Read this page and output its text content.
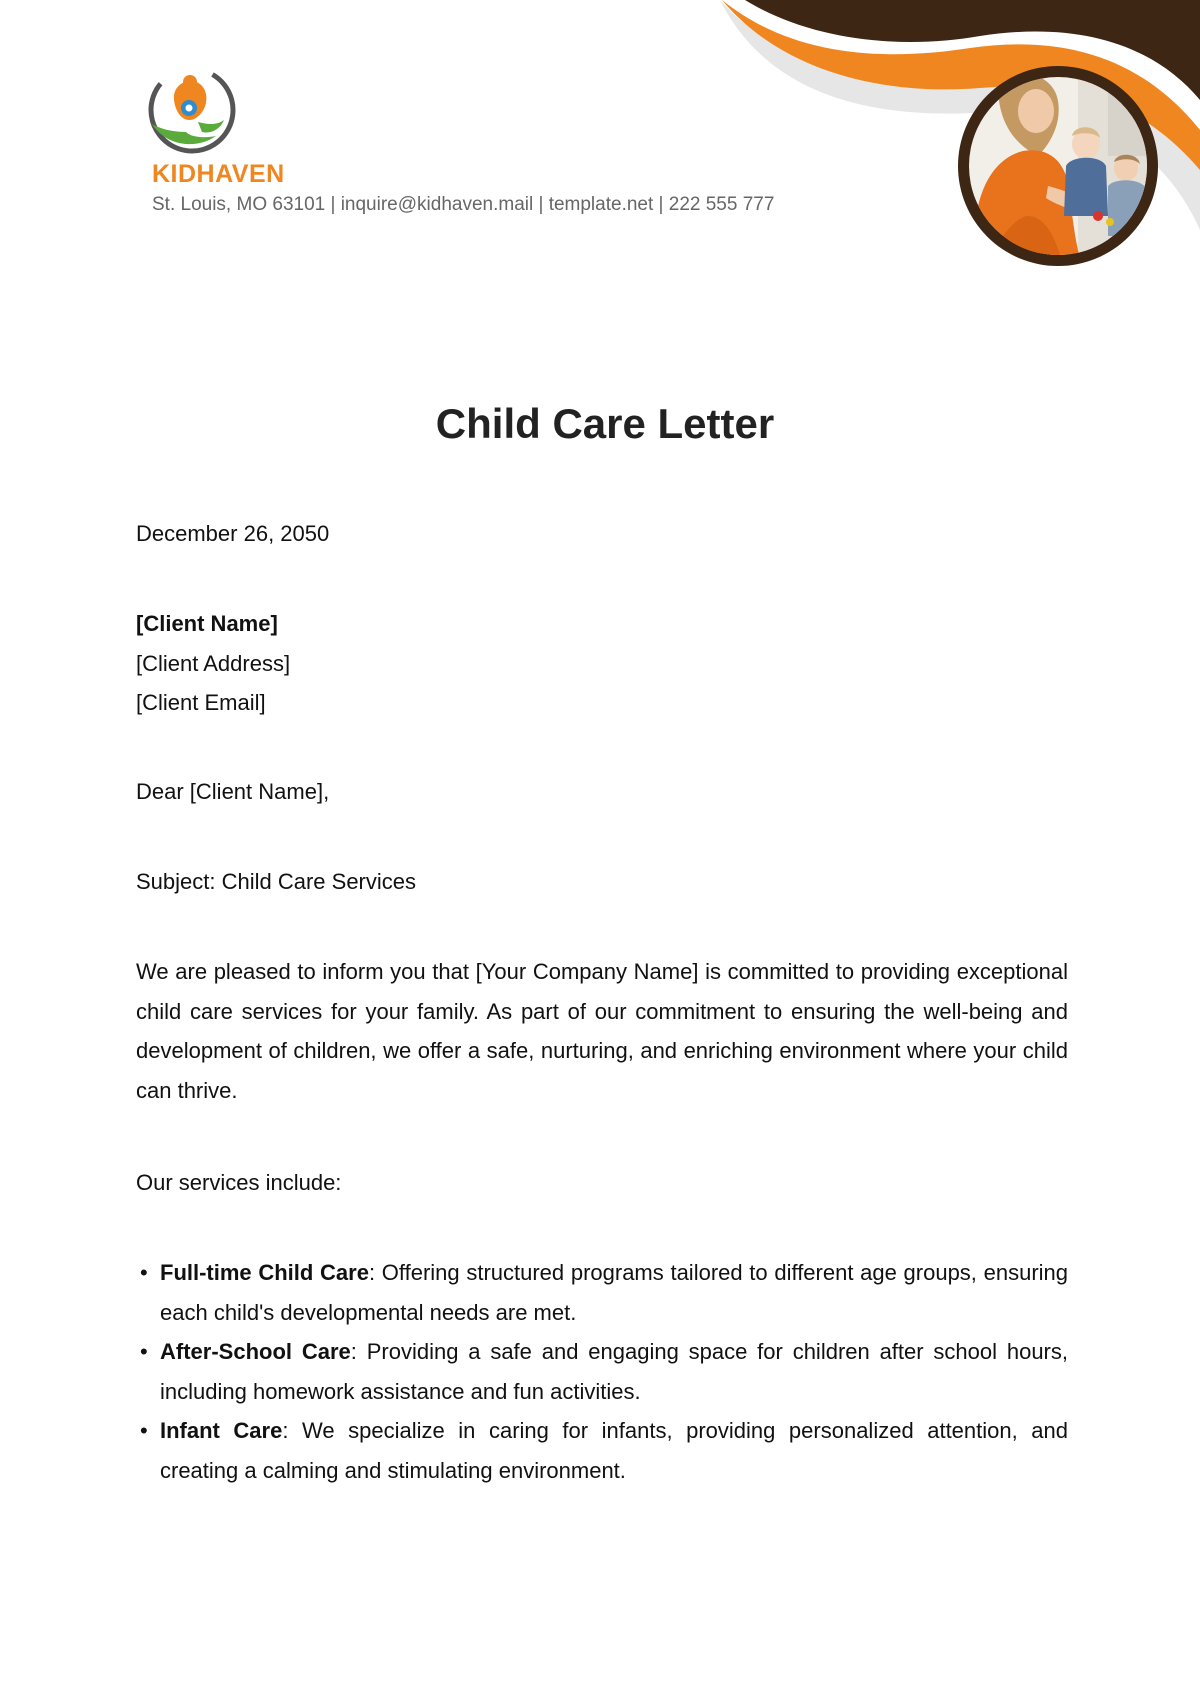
KIDHAVEN
St. Louis, MO 63101 | inquire@kidhaven.mail | template.net | 222 555 777
Child Care Letter
December 26, 2050
[Client Name]
[Client Address]
[Client Email]
Dear [Client Name],
Subject: Child Care Services
We are pleased to inform you that [Your Company Name] is committed to providing exceptional child care services for your family. As part of our commitment to ensuring the well-being and development of children, we offer a safe, nurturing, and enriching environment where your child can thrive.
Our services include:
• Full-time Child Care: Offering structured programs tailored to different age groups, ensuring each child's developmental needs are met.
• After-School Care: Providing a safe and engaging space for children after school hours, including homework assistance and fun activities.
• Infant Care: We specialize in caring for infants, providing personalized attention, and creating a calming and stimulating environment.
